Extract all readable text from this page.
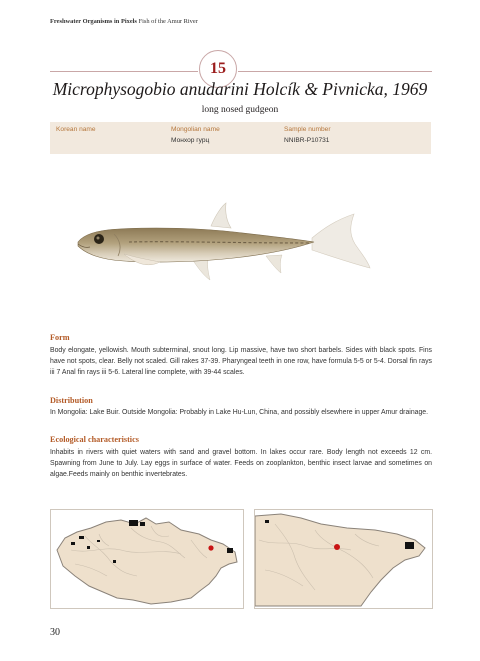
Freshwater Organisms in Pixels Fish of the Amur River
15
Microphysogobio anudarini Holcík & Pivnicka, 1969
long nosed gudgeon
Korean name	Mongolian name
Монхор гурц
Sample number
NNIBR-P10731
Form
Body elongate, yellowish. Mouth subterminal, snout long. Lip massive, have two short barbels. Sides with black spots. Fins have not spots, clear. Belly not scaled. Gill rakes 37-39. Pharyngeal teeth in one row, have formula 5-5 or 5-4. Dorsal fin rays iii 7 Anal fin rays iii 5-6. Lateral line complete, with 39-44 scales.
Distribution
In Mongolia: Lake Buir. Outside Mongolia: Probably in Lake Hu-Lun, China, and possibly elsewhere in upper Amur drainage.
Ecological characteristics
Inhabits in rivers with quiet waters with sand and gravel bottom. In lakes occur rare. Body length not exceeds 12 cm. Spawning from June to July. Lay eggs in surface of water. Feeds on zooplankton, benthic insect larvae and sometimes on algae.Feeds mainly on benthic invertebrates.
30
